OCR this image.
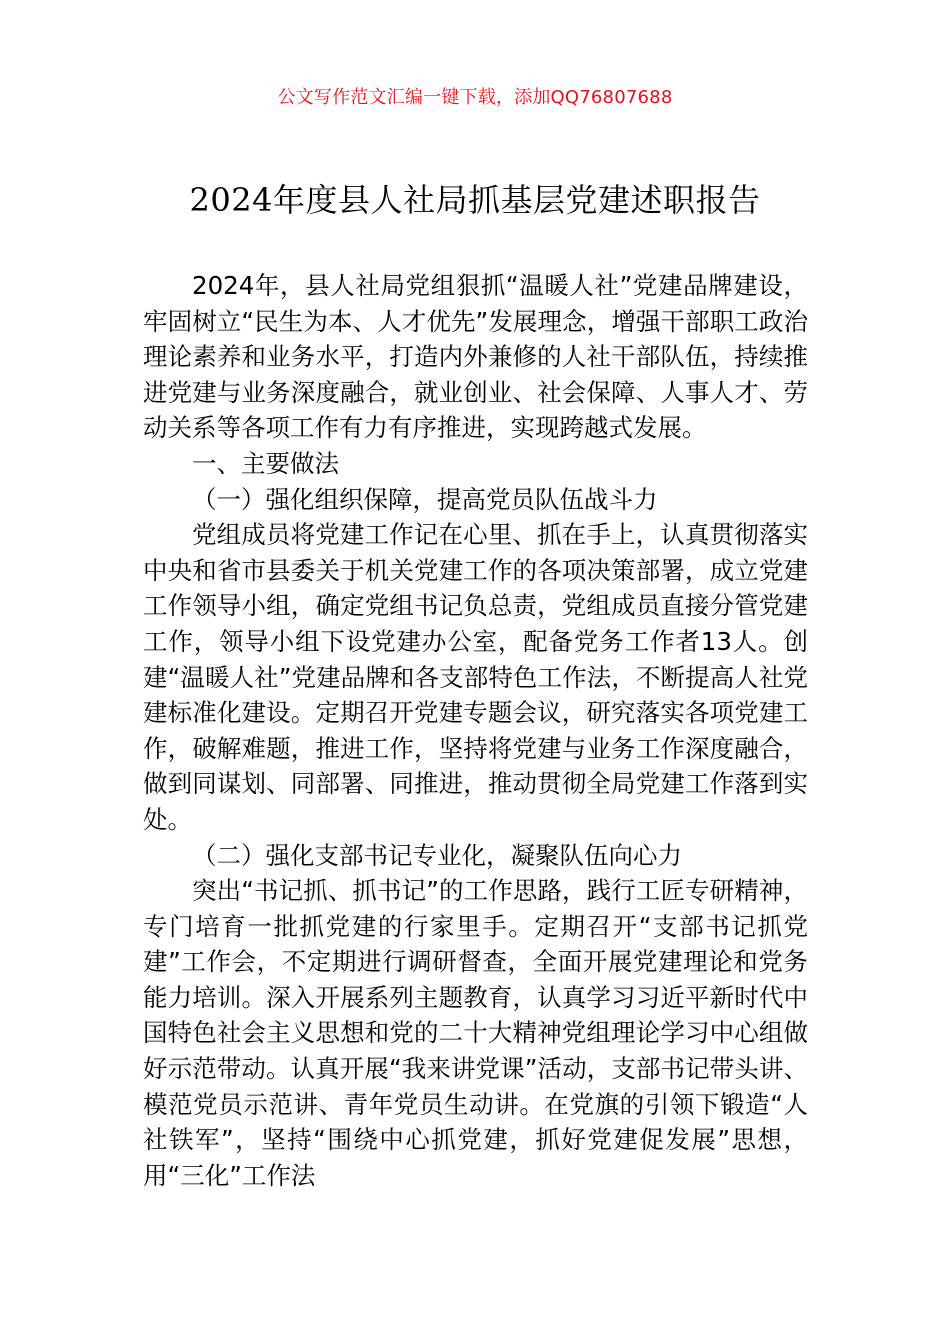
公文写作范文汇编一键下载，添加QQ76807688
2024年度县人社局抓基层党建述职报告

2024年，县人社局党组狠抓“温暖人社”党建品牌建设，牢固树立“民生为本、人才优先”发展理念，增强干部职工政治理论素养和业务水平，打造内外兼修的人社干部队伍，持续推进党建与业务深度融合，就业创业、社会保障、人事人才、劳动关系等各项工作有力有序推进，实现跨越式发展。

一、主要做法

（一）强化组织保障，提高党员队伍战斗力

党组成员将党建工作记在心里、抓在手上，认真贯彻落实中央和省市县委关于机关党建工作的各项决策部署，成立党建工作领导小组，确定党组书记负总责，党组成员直接分管党建工作，领导小组下设党建办公室，配备党务工作者13人。创建“温暖人社”党建品牌和各支部特色工作法，不断提高人社党建标准化建设。定期召开党建专题会议，研究落实各项党建工作，破解难题，推进工作，坚持将党建与业务工作深度融合，做到同谋划、同部署、同推进，推动贯彻全局党建工作落到实处。

（二）强化支部书记专业化，凝聚队伍向心力

突出“书记抓、抓书记”的工作思路，践行工匠专研精神，专门培育一批抓党建的行家里手。定期召开“支部书记抓党建”工作会，不定期进行调研督查，全面开展党建理论和党务能力培训。深入开展系列主题教育，认真学习习近平新时代中国特色社会主义思想和党的二十大精神党组理论学习中心组做好示范带动。认真开展“我来讲党课”活动，支部书记带头讲、模范党员示范讲、青年党员生动讲。在党旗的引领下锻造“人社铁军”，坚持“围绕中心抓党建，抓好党建促发展”思想，用“三化”工作法
